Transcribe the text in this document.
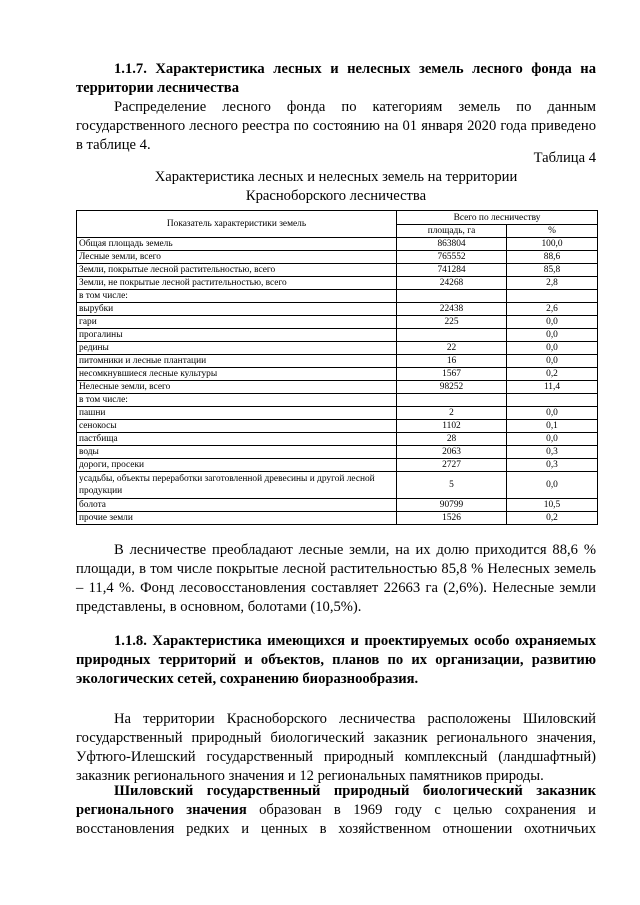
1.1.7. Характеристика лесных и нелесных земель лесного фонда на территории лесничества
Распределение лесного фонда по категориям земель по данным государственного лесного реестра по состоянию на 01 января 2020 года приведено в таблице 4.
Таблица 4
Характеристика лесных и нелесных земель на территории
Красноборского лесничества
Показатель характеристики земель	Всего по лесничеству	
	площадь, га	%
Общая площадь земель	863804	100,0
Лесные земли, всего	765552	88,6
Земли, покрытые лесной растительностью, всего	741284	85,8
Земли, не покрытые лесной растительностью, всего	24268	2,8
в том числе:		
вырубки	22438	2,6
гари	225	0,0
прогалины		0,0
редины	22	0,0
питомники и лесные плантации	16	0,0
несомкнувшиеся лесные культуры	1567	0,2
Нелесные земли, всего	98252	11,4
в том числе:		
пашни	2	0,0
сенокосы	1102	0,1
пастбища	28	0,0
воды	2063	0,3
дороги, просеки	2727	0,3
усадьбы, объекты переработки заготовленной древесины и другой лесной продукции	5	0,0
болота	90799	10,5
прочие земли	1526	0,2
В лесничестве преобладают лесные земли, на их долю приходится 88,6 % площади, в том числе покрытые лесной растительностью 85,8 % Нелесных земель – 11,4 %. Фонд лесовосстановления составляет 22663 га (2,6%). Нелесные земли представлены, в основном, болотами (10,5%).
1.1.8. Характеристика имеющихся и проектируемых особо охраняемых природных территорий и объектов, планов по их организации, развитию экологических сетей, сохранению биоразнообразия.
На территории Красноборского лесничества расположены Шиловский государственный природный биологический заказник регионального значения, Уфтюго-Илешский государственный природный комплексный (ландшафтный) заказник регионального значения и 12 региональных памятников природы.
Шиловский государственный природный биологический заказник регионального значения образован в 1969 году с целью сохранения и восстановления редких и ценных в хозяйственном отношении охотничьих
